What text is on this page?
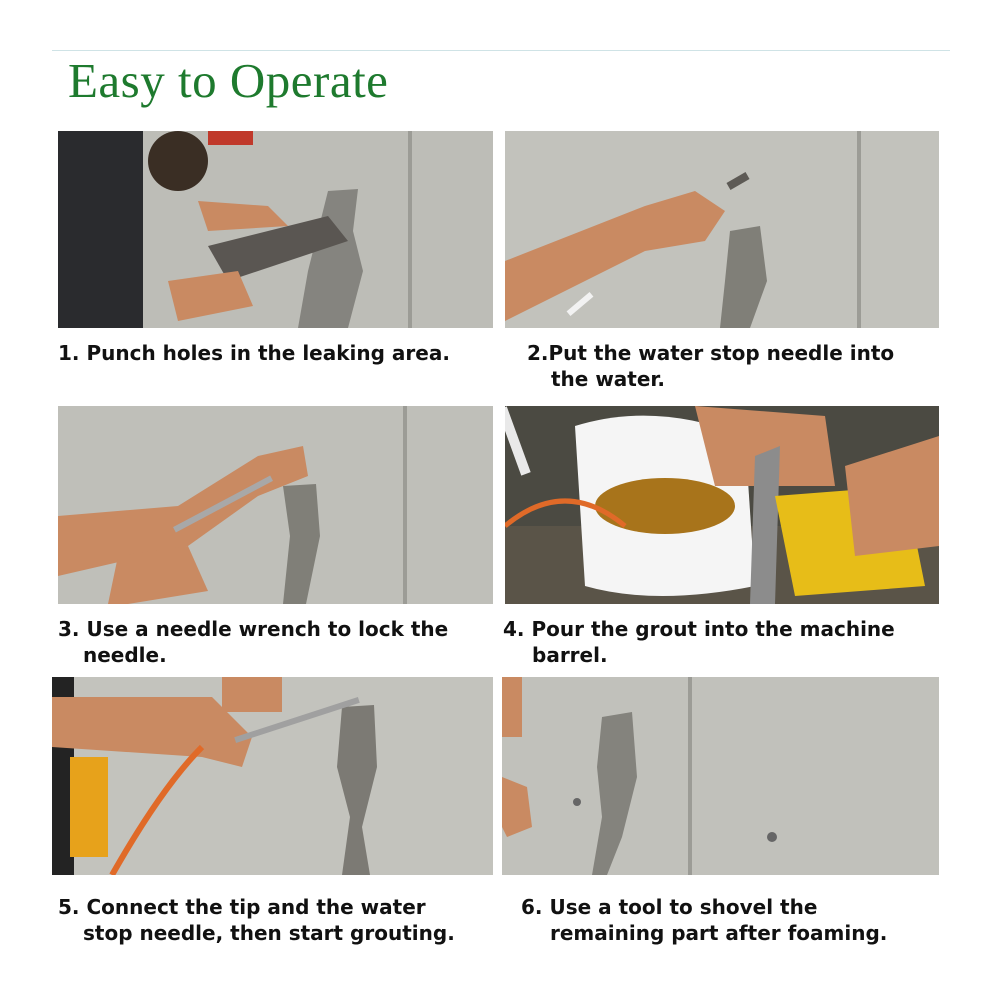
Easy to Operate

1. Punch holes in the leaking area.	2.Put the water stop needle into
the water.

3. Use a needle wrench to lock the
needle.

4. Pour the grout into the machine
barrel.

5. Connect the tip and the water
stop needle, then start grouting.

6. Use a tool to shovel the
remaining part after foaming.
